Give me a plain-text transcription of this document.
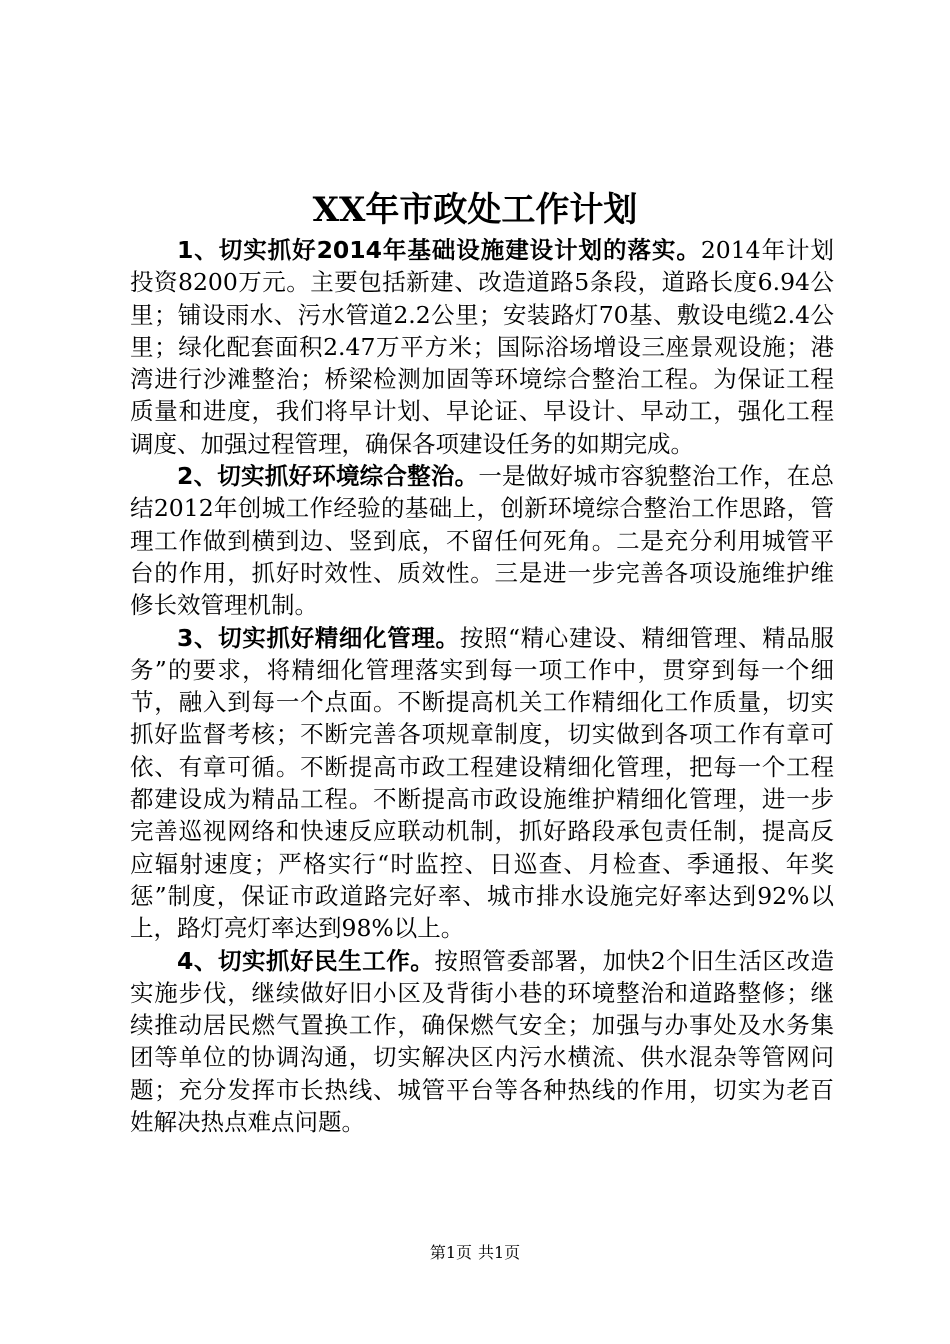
XX年市政处工作计划

1、切实抓好2014年基础设施建设计划的落实。2014年计划投资8200万元。主要包括新建、改造道路5条段，道路长度6.94公里；铺设雨水、污水管道2.2公里；安装路灯70基、敷设电缆2.4公里；绿化配套面积2.47万平方米；国际浴场增设三座景观设施；港湾进行沙滩整治；桥梁检测加固等环境综合整治工程。为保证工程质量和进度，我们将早计划、早论证、早设计、早动工，强化工程调度、加强过程管理，确保各项建设任务的如期完成。

2、切实抓好环境综合整治。一是做好城市容貌整治工作，在总结2012年创城工作经验的基础上，创新环境综合整治工作思路，管理工作做到横到边、竖到底，不留任何死角。二是充分利用城管平台的作用，抓好时效性、质效性。三是进一步完善各项设施维护维修长效管理机制。

3、切实抓好精细化管理。按照“精心建设、精细管理、精品服务”的要求，将精细化管理落实到每一项工作中，贯穿到每一个细节，融入到每一个点面。不断提高机关工作精细化工作质量，切实抓好监督考核；不断完善各项规章制度，切实做到各项工作有章可依、有章可循。不断提高市政工程建设精细化管理，把每一个工程都建设成为精品工程。不断提高市政设施维护精细化管理，进一步完善巡视网络和快速反应联动机制，抓好路段承包责任制，提高反应辐射速度；严格实行“时监控、日巡查、月检查、季通报、年奖惩”制度，保证市政道路完好率、城市排水设施完好率达到92%以上，路灯亮灯率达到98%以上。

4、切实抓好民生工作。按照管委部署，加快2个旧生活区改造实施步伐，继续做好旧小区及背街小巷的环境整治和道路整修；继续推动居民燃气置换工作，确保燃气安全；加强与办事处及水务集团等单位的协调沟通，切实解决区内污水横流、供水混杂等管网问题；充分发挥市长热线、城管平台等各种热线的作用，切实为老百姓解决热点难点问题。

第1页 共1页
